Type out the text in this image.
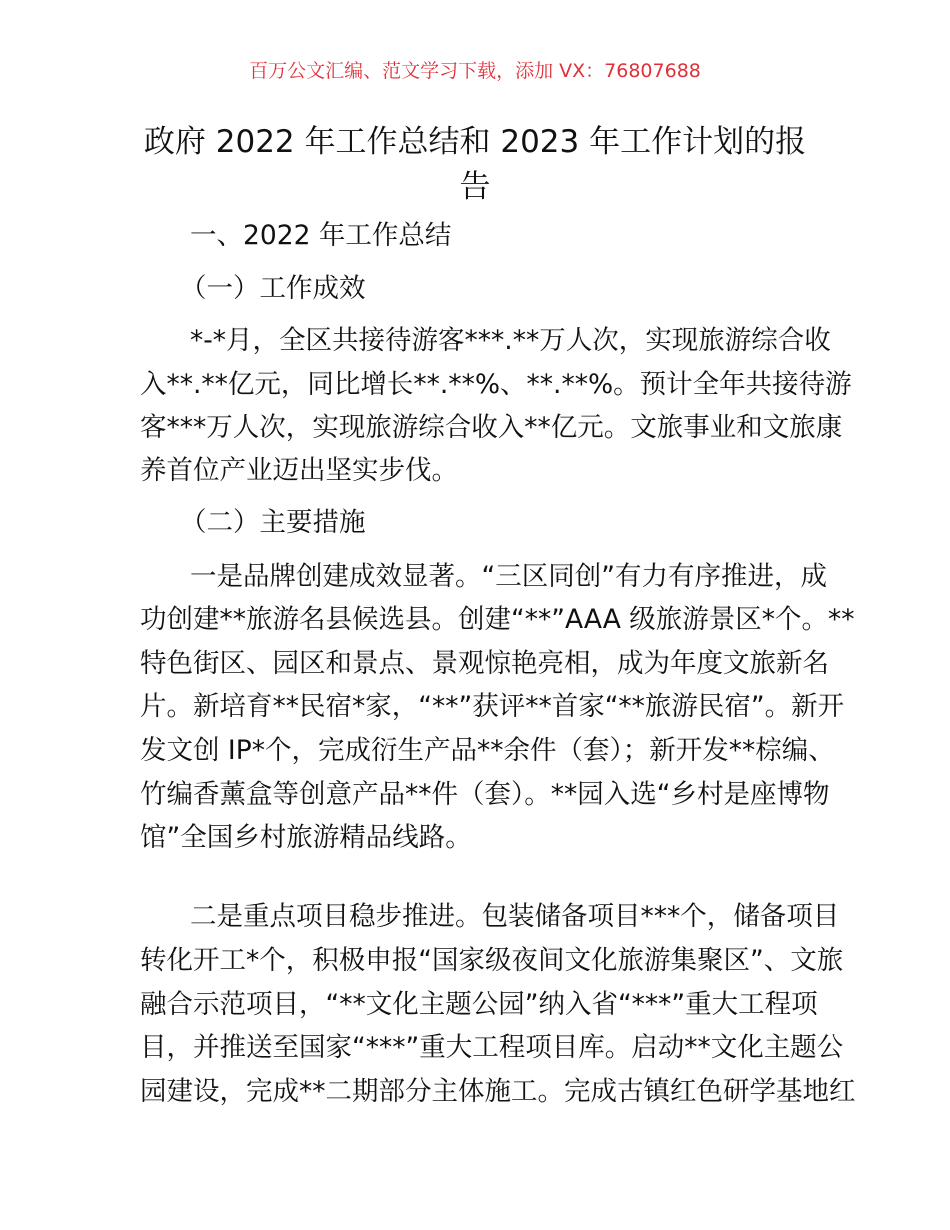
百万公文汇编、范文学习下载，添加 VX：76807688
政府 2022 年工作总结和 2023 年工作计划的报
告
一、2022 年工作总结
（一）工作成效
*-*月，全区共接待游客***.**万人次，实现旅游综合收
入**.**亿元，同比增长**.**%、**.**%。预计全年共接待游
客***万人次，实现旅游综合收入**亿元。文旅事业和文旅康
养首位产业迈出坚实步伐。
（二）主要措施
一是品牌创建成效显著。“三区同创”有力有序推进，成
功创建**旅游名县候选县。创建“**”AAA 级旅游景区*个。**
特色街区、园区和景点、景观惊艳亮相，成为年度文旅新名
片。新培育**民宿*家，“**”获评**首家“**旅游民宿”。新开
发文创 IP*个，完成衍生产品**余件（套）；新开发**棕编、
竹编香薰盒等创意产品**件（套）。**园入选“乡村是座博物
馆”全国乡村旅游精品线路。
二是重点项目稳步推进。包装储备项目***个，储备项目
转化开工*个，积极申报“国家级夜间文化旅游集聚区”、文旅
融合示范项目，“**文化主题公园”纳入省“***”重大工程项
目，并推送至国家“***”重大工程项目库。启动**文化主题公
园建设，完成**二期部分主体施工。完成古镇红色研学基地红
